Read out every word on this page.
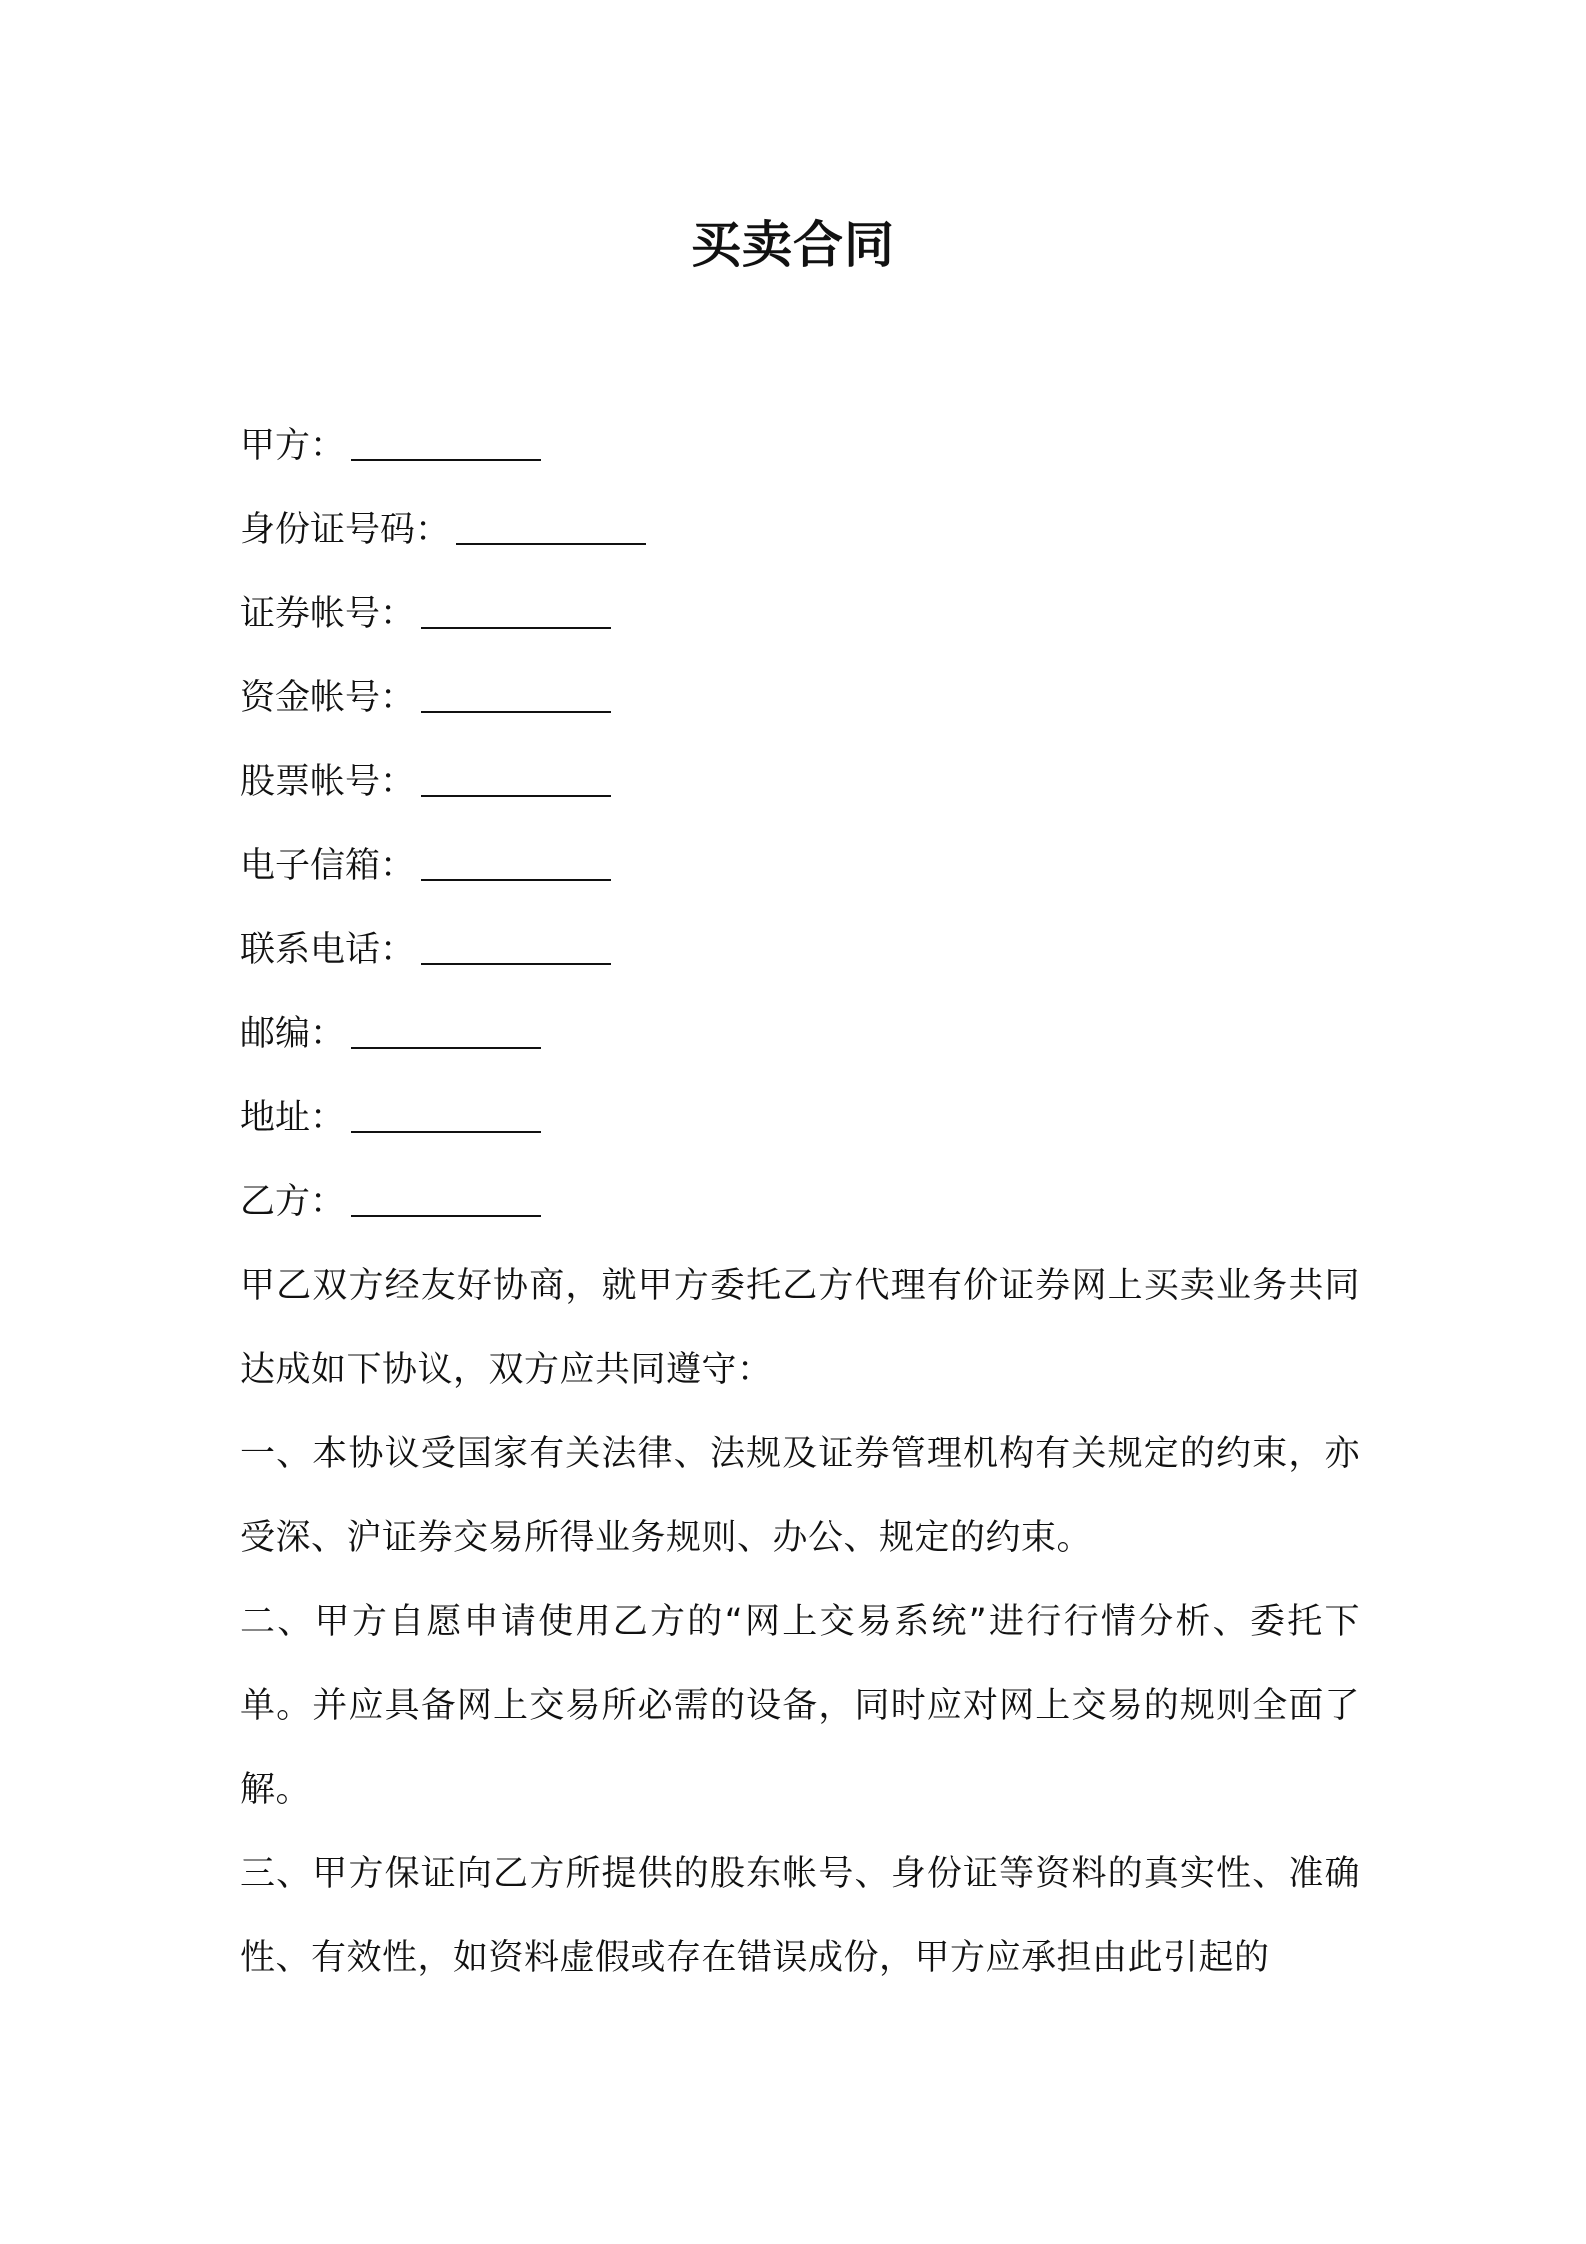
买卖合同
甲方：
身份证号码：
证券帐号：
资金帐号：
股票帐号：
电子信箱：
联系电话：
邮编：
地址：
乙方：

甲乙双方经友好协商，就甲方委托乙方代理有价证券网上买卖业务共同达成如下协议，双方应共同遵守：

一、本协议受国家有关法律、法规及证券管理机构有关规定的约束，亦受深、沪证券交易所得业务规则、办公、规定的约束。

二、甲方自愿申请使用乙方的“网上交易系统”进行行情分析、委托下单。并应具备网上交易所必需的设备，同时应对网上交易的规则全面了解。

三、甲方保证向乙方所提供的股东帐号、身份证等资料的真实性、准确性、有效性，如资料虚假或存在错误成份，甲方应承担由此引起的
